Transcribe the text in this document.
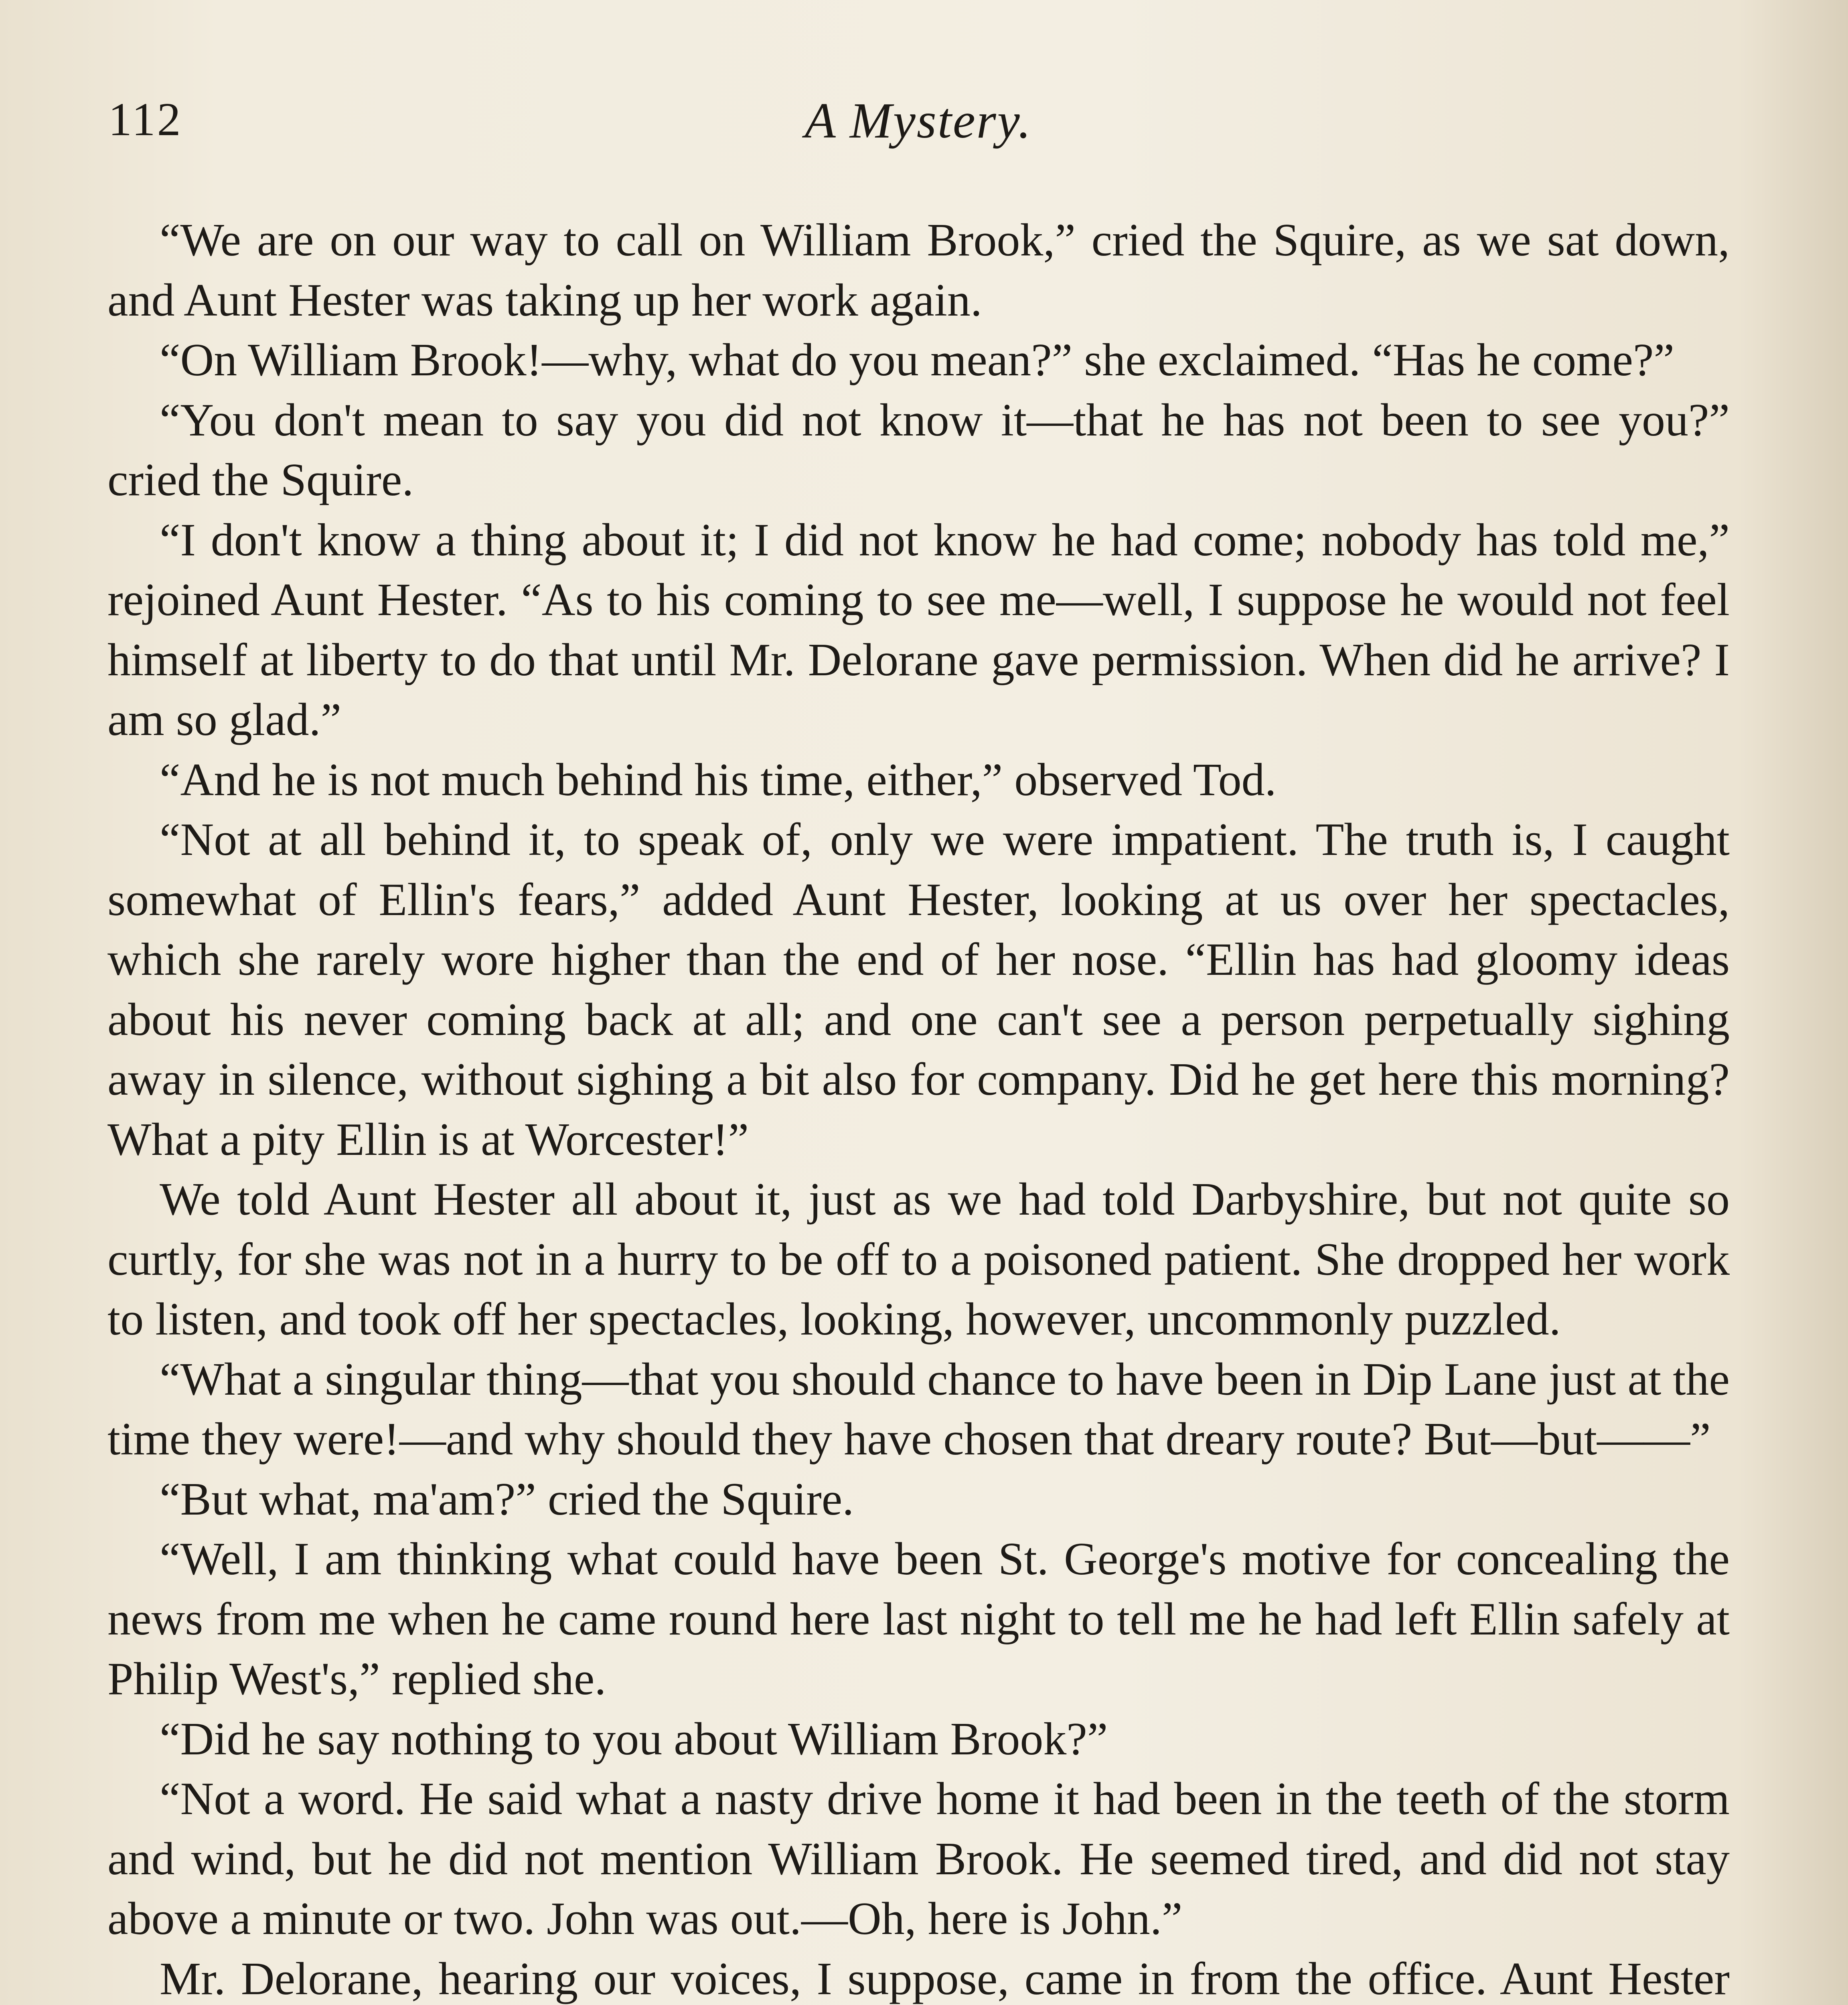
112	A Mystery.

“We are on our way to call on William Brook,” cried the Squire, as we sat down, and Aunt Hester was taking up her work again.

“On William Brook!—why, what do you mean?” she exclaimed. “Has he come?”

“You don't mean to say you did not know it—that he has not been to see you?” cried the Squire.

“I don't know a thing about it; I did not know he had come; nobody has told me,” rejoined Aunt Hester. “As to his coming to see me—well, I suppose he would not feel himself at liberty to do that until Mr. Delorane gave permission. When did he arrive? I am so glad.”

“And he is not much behind his time, either,” observed Tod.

“Not at all behind it, to speak of, only we were impatient. The truth is, I caught somewhat of Ellin's fears,” added Aunt Hester, looking at us over her spectacles, which she rarely wore higher than the end of her nose. “Ellin has had gloomy ideas about his never coming back at all; and one can't see a person perpetually sighing away in silence, without sighing a bit also for company. Did he get here this morning? What a pity Ellin is at Worcester!”

We told Aunt Hester all about it, just as we had told Darbyshire, but not quite so curtly, for she was not in a hurry to be off to a poisoned patient. She dropped her work to listen, and took off her spectacles, looking, however, uncommonly puzzled.

“What a singular thing—that you should chance to have been in Dip Lane just at the time they were!—and why should they have chosen that dreary route? But—but——”

“But what, ma'am?” cried the Squire.

“Well, I am thinking what could have been St. George's motive for concealing the news from me when he came round here last night to tell me he had left Ellin safely at Philip West's,” replied she.

“Did he say nothing to you about William Brook?”

“Not a word. He said what a nasty drive home it had been in the teeth of the storm and wind, but he did not mention William Brook. He seemed tired, and did not stay above a minute or two. John was out.—Oh, here is John.”

Mr. Delorane, hearing our voices, I suppose, came in from the office. Aunt Hester
